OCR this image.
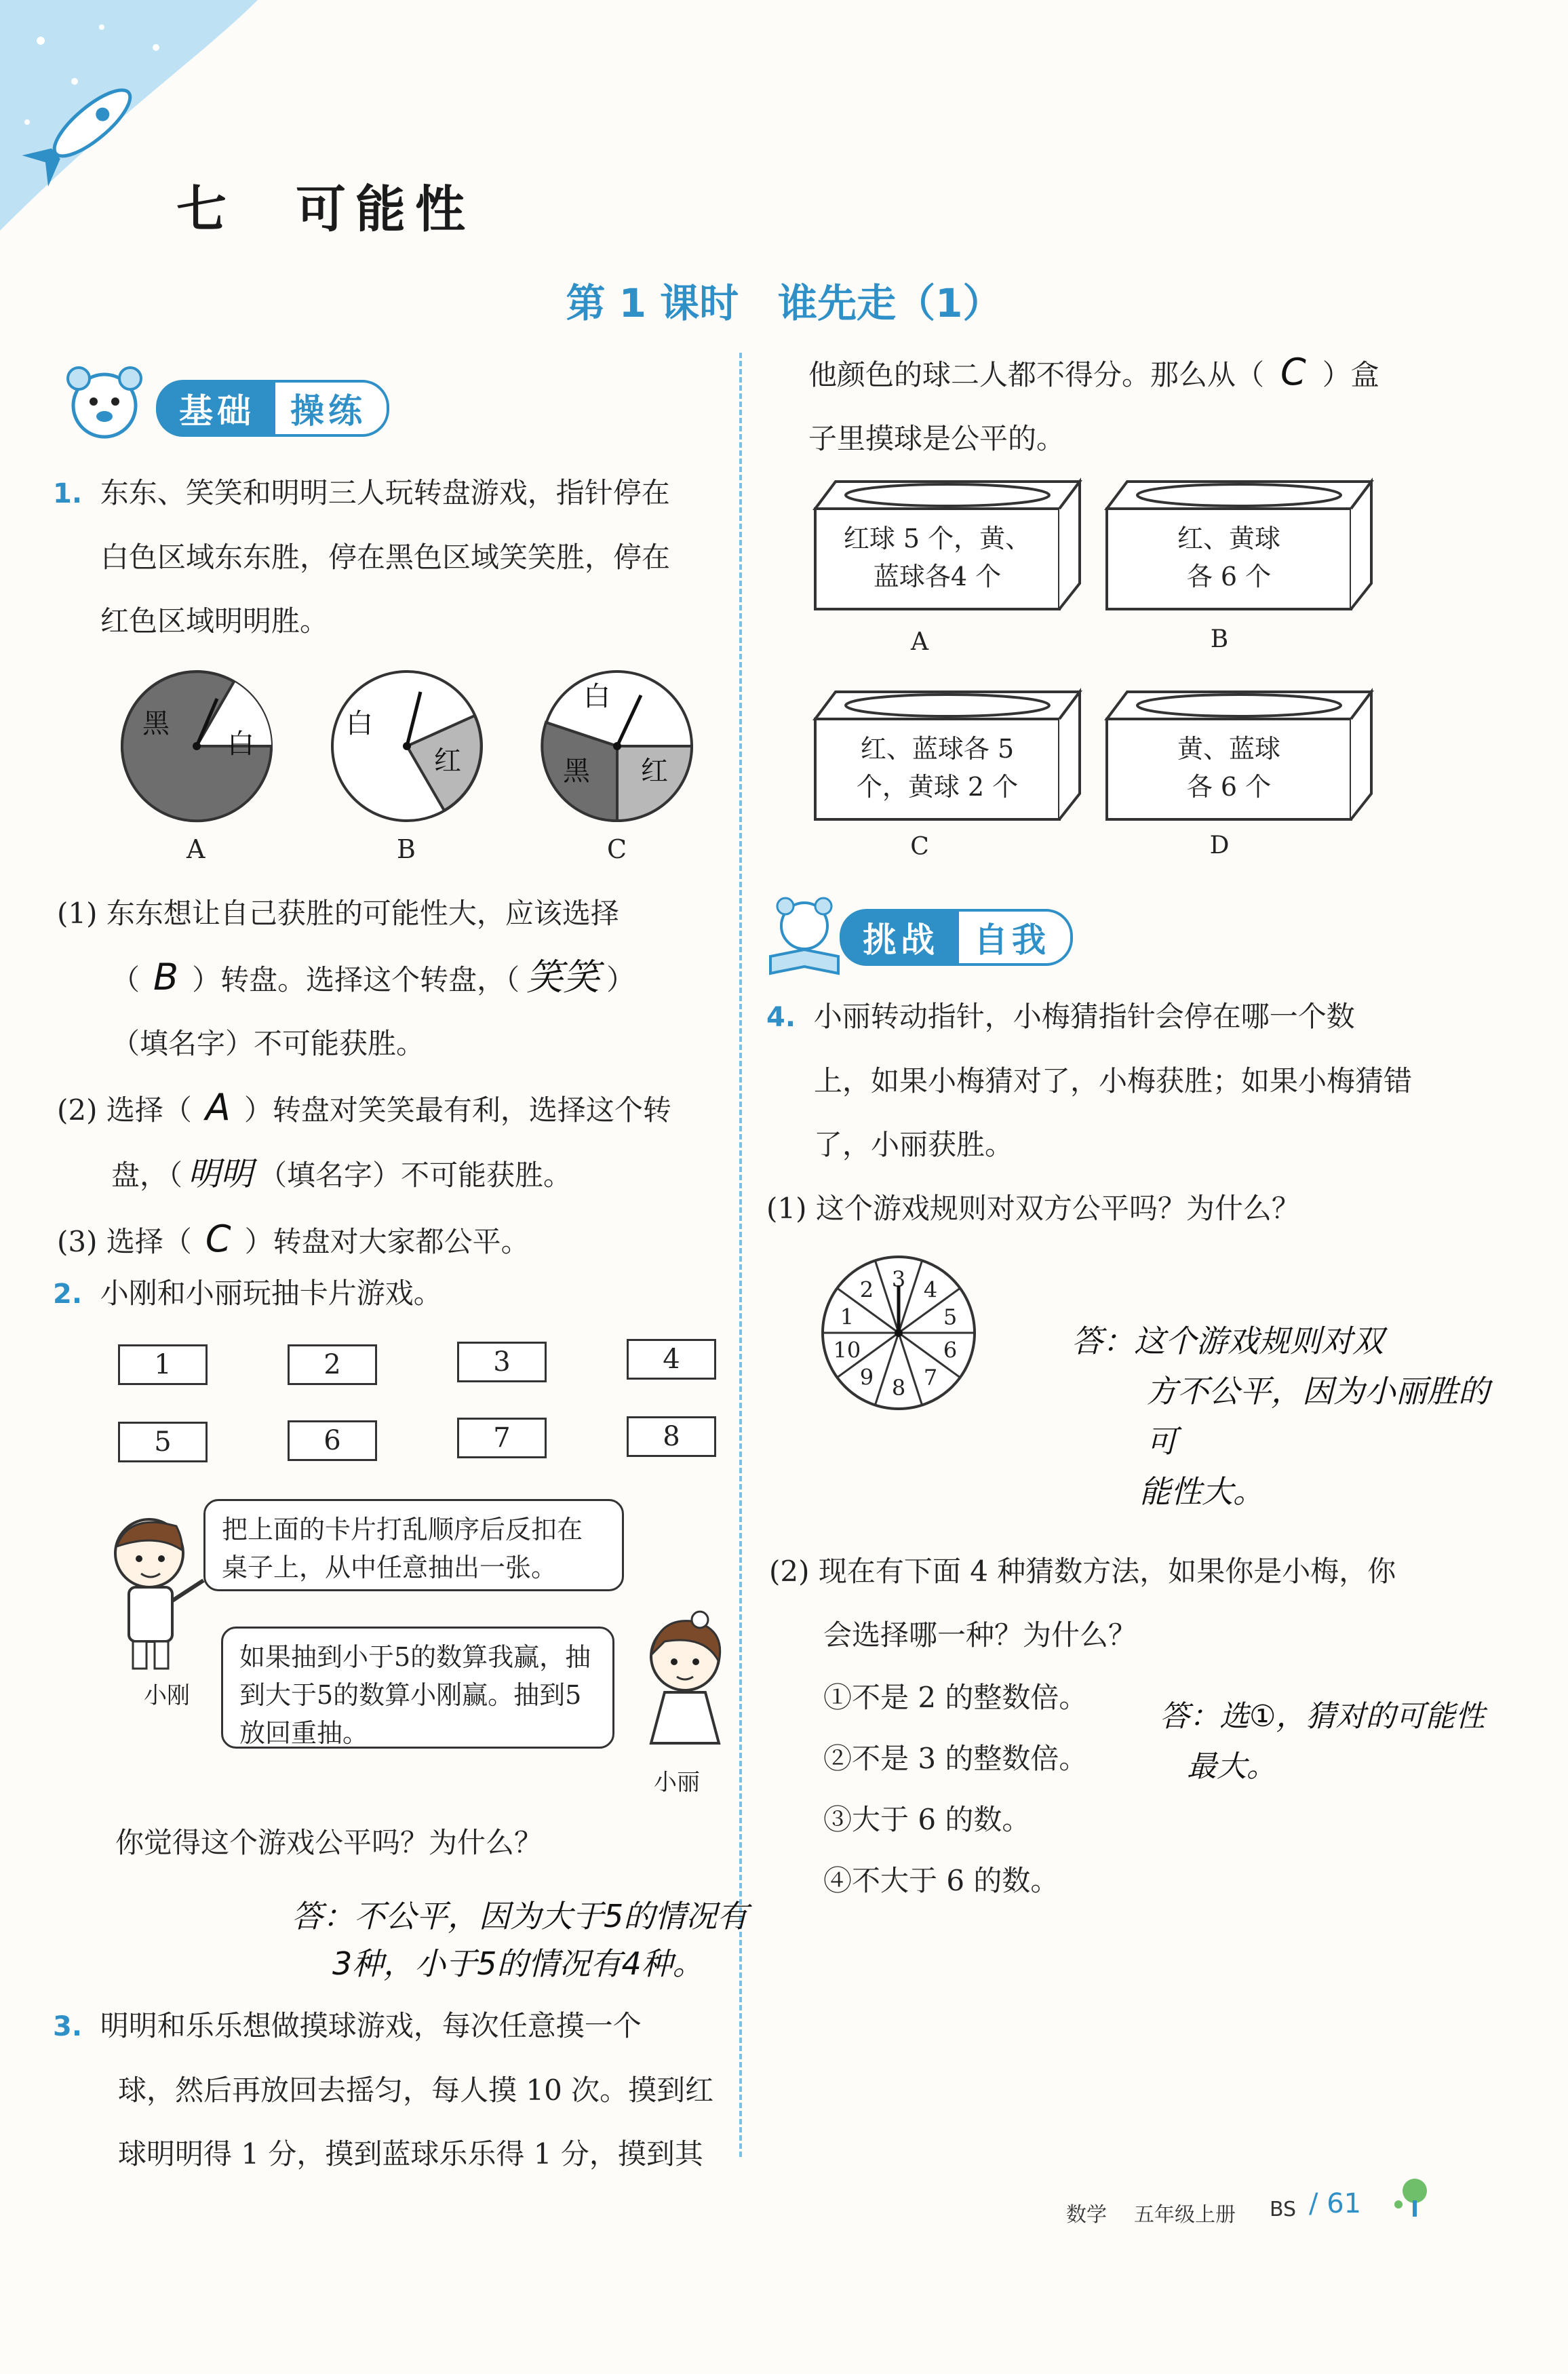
七　可能性
第 1 课时　谁先走（1）
基础	操练
1. 东东、笑笑和明明三人玩转盘游戏，指针停在
白色区域东东胜，停在黑色区域笑笑胜，停在
红色区域明明胜。
黑
白
A
白
红
B
白
黑 红
C
(1) 东东想让自己获胜的可能性大，应该选择
（ B ）转盘。选择这个转盘，（ 笑笑 ）
（填名字）不可能获胜。
(2) 选择（ A ）转盘对笑笑最有利，选择这个转
盘，（ 明明 （填名字）不可能获胜。
(3) 选择（ C ）转盘对大家都公平。
2. 小刚和小丽玩抽卡片游戏。
1	2	3	4
5	6	7	8
小刚
把上面的卡片打乱顺序后反扣在桌子上，从中任意抽出一张。
如果抽到小于5的数算我赢，抽到大于5的数算小刚赢。抽到5放回重抽。
小丽
你觉得这个游戏公平吗？为什么？
答：不公平，因为大于5的情况有
3种，小于5的情况有4种。
3. 明明和乐乐想做摸球游戏，每次任意摸一个
球，然后再放回去摇匀，每人摸 10 次。摸到红
球明明得 1 分，摸到蓝球乐乐得 1 分，摸到其
他颜色的球二人都不得分。那么从（ C ）盒
子里摸球是公平的。
红球 5 个，黄、
蓝球各4 个
红、黄球
各 6 个
红、蓝球各 5
个，黄球 2 个
黄、蓝球
各 6 个
A	B
C	D
挑战	自我
4. 小丽转动指针，小梅猜指针会停在哪一个数
上，如果小梅猜对了，小梅获胜；如果小梅猜错
了，小丽获胜。
(1) 这个游戏规则对双方公平吗？为什么？
3 4
5
6
7
8
9
10
1
2
答：这个游戏规则对双
方不公平，因为小丽胜的可
能性大。
(2) 现在有下面 4 种猜数方法，如果你是小梅，你
会选择哪一种？为什么？
①不是 2 的整数倍。
②不是 3 的整数倍。
③大于 6 的数。
④不大于 6 的数。
答：选①，猜对的可能性
最大。
数学 五年级上册 BS / 61
